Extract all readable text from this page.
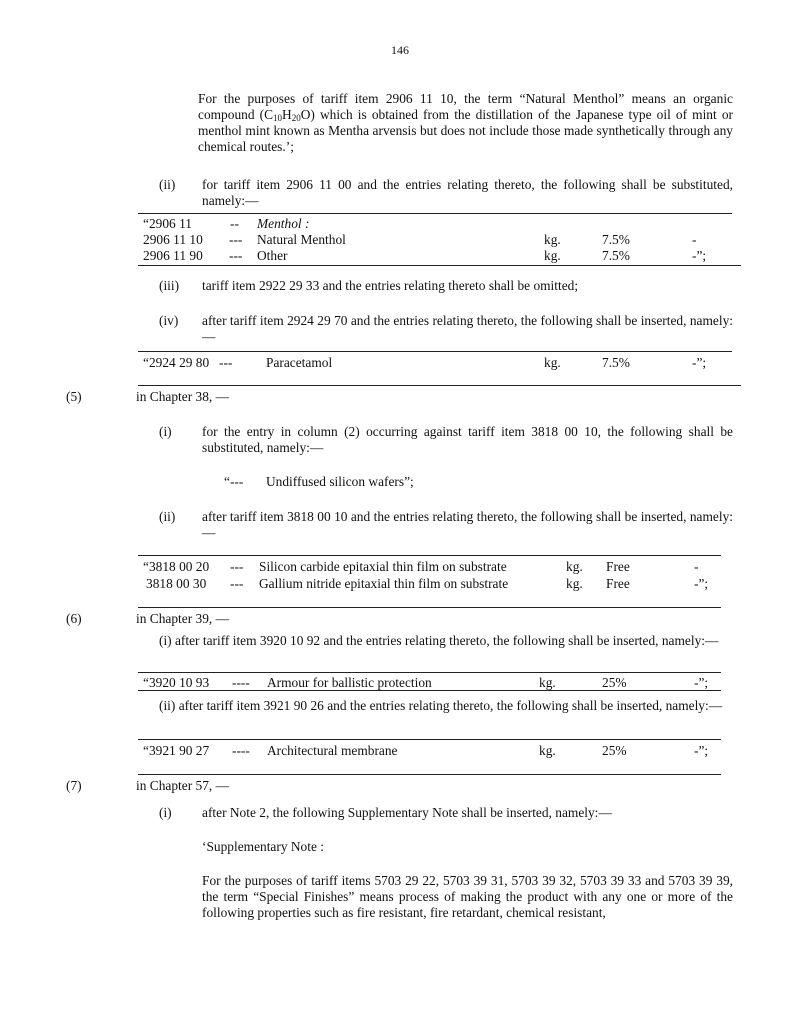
146
For the purposes of tariff item 2906 11 10, the term “Natural Menthol” means an organic compound $(C_{10}H_{20}O)$ which is obtained from the distillation of the Japanese type oil of mint or menthol mint known as Mentha arvensis but does not include those made synthetically through any chemical routes.’;
(ii) for tariff item 2906 11 00 and the entries relating thereto, the following shall be substituted, namely:—
“2906 11	-- Menthol :
2906 11 10 --- Natural Menthol	kg.	7.5%	-
2906 11 90 --- Other	kg.	7.5%	-”;
(iii) tariff item 2922 29 33 and the entries relating thereto shall be omitted;
(iv) after tariff item 2924 29 70 and the entries relating thereto, the following shall be inserted, namely:—
“2924 29 80 ---	Paracetamol	kg.	7.5%	-”;
(5)	in Chapter 38, —
(i) for the entry in column (2) occurring against tariff item 3818 00 10, the following shall be substituted, namely:—
“--- Undiffused silicon wafers”;
(ii) after tariff item 3818 00 10 and the entries relating thereto, the following shall be inserted, namely:—
“3818 00 20 --- Silicon carbide epitaxial thin film on substrate	kg. Free	-
3818 00 30 --- Gallium nitride epitaxial thin film on substrate	kg. Free	-”;
(6)	in Chapter 39, —
(i) after tariff item 3920 10 92 and the entries relating thereto, the following shall be inserted, namely:—
“3920 10 93 ---- Armour for ballistic protection	kg.	25%	-”;
(ii) after tariff item 3921 90 26 and the entries relating thereto, the following shall be inserted, namely:—
“3921 90 27 ---- Architectural membrane	kg.	25%	-”;
(7)	in Chapter 57, —
(i) after Note 2, the following Supplementary Note shall be inserted, namely:—
‘Supplementary Note :
For the purposes of tariff items 5703 29 22, 5703 39 31, 5703 39 32, 5703 39 33 and 5703 39 39, the term “Special Finishes” means process of making the product with any one or more of the following properties such as fire resistant, fire retardant, chemical resistant,
